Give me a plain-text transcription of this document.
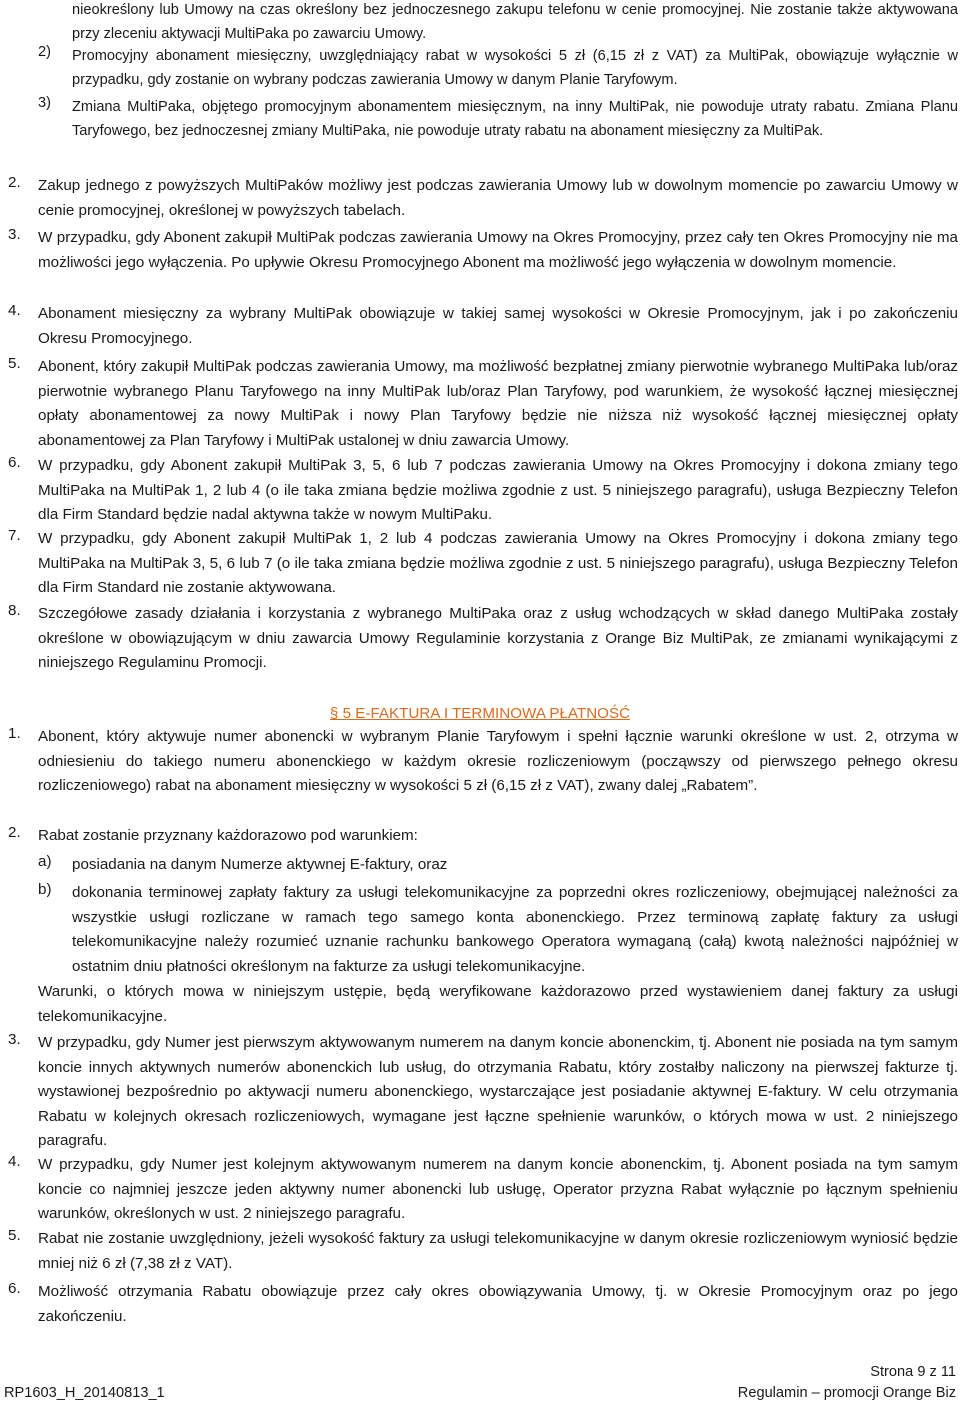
nieokreślony lub Umowy na czas określony bez jednoczesnego zakupu telefonu w cenie promocyjnej. Nie zostanie także aktywowana przy zleceniu aktywacji MultiPaka po zawarciu Umowy.

2) Promocyjny abonament miesięczny, uwzględniający rabat w wysokości 5 zł (6,15 zł z VAT) za MultiPak, obowiązuje wyłącznie w przypadku, gdy zostanie on wybrany podczas zawierania Umowy w danym Planie Taryfowym.

3) Zmiana MultiPaka, objętego promocyjnym abonamentem miesięcznym, na inny MultiPak, nie powoduje utraty rabatu. Zmiana Planu Taryfowego, bez jednoczesnej zmiany MultiPaka, nie powoduje utraty rabatu na abonament miesięczny za MultiPak.

2. Zakup jednego z powyższych MultiPaków możliwy jest podczas zawierania Umowy lub w dowolnym momencie po zawarciu Umowy w cenie promocyjnej, określonej w powyższych tabelach.

3. W przypadku, gdy Abonent zakupił MultiPak podczas zawierania Umowy na Okres Promocyjny, przez cały ten Okres Promocyjny nie ma możliwości jego wyłączenia. Po upływie Okresu Promocyjnego Abonent ma możliwość jego wyłączenia w dowolnym momencie.

4. Abonament miesięczny za wybrany MultiPak obowiązuje w takiej samej wysokości w Okresie Promocyjnym, jak i po zakończeniu Okresu Promocyjnego.

5. Abonent, który zakupił MultiPak podczas zawierania Umowy, ma możliwość bezpłatnej zmiany pierwotnie wybranego MultiPaka lub/oraz pierwotnie wybranego Planu Taryfowego na inny MultiPak lub/oraz Plan Taryfowy, pod warunkiem, że wysokość łącznej miesięcznej opłaty abonamentowej za nowy MultiPak i nowy Plan Taryfowy będzie nie niższa niż wysokość łącznej miesięcznej opłaty abonamentowej za Plan Taryfowy i MultiPak ustalonej w dniu zawarcia Umowy.

6. W przypadku, gdy Abonent zakupił MultiPak 3, 5, 6 lub 7 podczas zawierania Umowy na Okres Promocyjny i dokona zmiany tego MultiPaka na MultiPak 1, 2 lub 4 (o ile taka zmiana będzie możliwa zgodnie z ust. 5 niniejszego paragrafu), usługa Bezpieczny Telefon dla Firm Standard będzie nadal aktywna także w nowym MultiPaku.

7. W przypadku, gdy Abonent zakupił MultiPak 1, 2 lub 4 podczas zawierania Umowy na Okres Promocyjny i dokona zmiany tego MultiPaka na MultiPak 3, 5, 6 lub 7 (o ile taka zmiana będzie możliwa zgodnie z ust. 5 niniejszego paragrafu), usługa Bezpieczny Telefon dla Firm Standard nie zostanie aktywowana.

8. Szczegółowe zasady działania i korzystania z wybranego MultiPaka oraz z usług wchodzących w skład danego MultiPaka zostały określone w obowiązującym w dniu zawarcia Umowy Regulaminie korzystania z Orange Biz MultiPak, ze zmianami wynikającymi z niniejszego Regulaminu Promocji.

§ 5 E-FAKTURA I TERMINOWA PŁATNOŚĆ
1. Abonent, który aktywuje numer abonencki w wybranym Planie Taryfowym i spełni łącznie warunki określone w ust. 2, otrzyma w odniesieniu do takiego numeru abonenckiego w każdym okresie rozliczeniowym (począwszy od pierwszego pełnego okresu rozliczeniowego) rabat na abonament miesięczny w wysokości 5 zł (6,15 zł z VAT), zwany dalej „Rabatem”.

2. Rabat zostanie przyznany każdorazowo pod warunkiem:

a) posiadania na danym Numerze aktywnej E-faktury, oraz

b) dokonania terminowej zapłaty faktury za usługi telekomunikacyjne za poprzedni okres rozliczeniowy, obejmującej należności za wszystkie usługi rozliczane w ramach tego samego konta abonenckiego. Przez terminową zapłatę faktury za usługi telekomunikacyjne należy rozumieć uznanie rachunku bankowego Operatora wymaganą (całą) kwotą należności najpóźniej w ostatnim dniu płatności określonym na fakturze za usługi telekomunikacyjne.

Warunki, o których mowa w niniejszym ustępie, będą weryfikowane każdorazowo przed wystawieniem danej faktury za usługi telekomunikacyjne.

3. W przypadku, gdy Numer jest pierwszym aktywowanym numerem na danym koncie abonenckim, tj. Abonent nie posiada na tym samym koncie innych aktywnych numerów abonenckich lub usług, do otrzymania Rabatu, który zostałby naliczony na pierwszej fakturze tj. wystawionej bezpośrednio po aktywacji numeru abonenckiego, wystarczające jest posiadanie aktywnej E-faktury. W celu otrzymania Rabatu w kolejnych okresach rozliczeniowych, wymagane jest łączne spełnienie warunków, o których mowa w ust. 2 niniejszego paragrafu.

4. W przypadku, gdy Numer jest kolejnym aktywowanym numerem na danym koncie abonenckim, tj. Abonent posiada na tym samym koncie co najmniej jeszcze jeden aktywny numer abonencki lub usługę, Operator przyzna Rabat wyłącznie po łącznym spełnieniu warunków, określonych w ust. 2 niniejszego paragrafu.

5. Rabat nie zostanie uwzględniony, jeżeli wysokość faktury za usługi telekomunikacyjne w danym okresie rozliczeniowym wyniosić będzie mniej niż 6 zł (7,38 zł z VAT).

6. Możliwość otrzymania Rabatu obowiązuje przez cały okres obowiązywania Umowy, tj. w Okresie Promocyjnym oraz po jego zakończeniu.

Strona 9 z 11
RP1603_H_20140813_1	Regulamin – promocji Orange Biz
